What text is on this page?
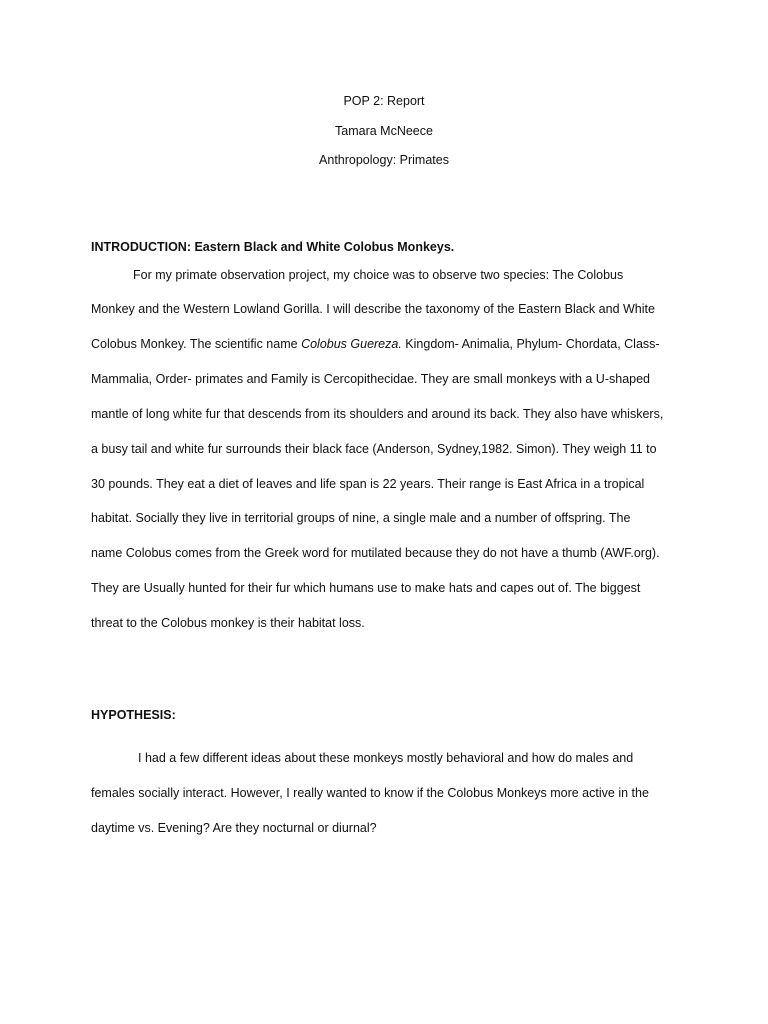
POP 2: Report
Tamara McNeece
Anthropology: Primates
INTRODUCTION: Eastern Black and White Colobus Monkeys.
For my primate observation project, my choice was to observe two species: The Colobus
Monkey and the Western Lowland Gorilla. I will describe the taxonomy of the Eastern Black and White
Colobus Monkey. The scientific name Colobus Guereza. Kingdom- Animalia, Phylum- Chordata, Class-
Mammalia, Order- primates and Family is Cercopithecidae. They are small monkeys with a U-shaped
mantle of long white fur that descends from its shoulders and around its back. They also have whiskers,
a busy tail and white fur surrounds their black face (Anderson, Sydney,1982. Simon). They weigh 11 to
30 pounds. They eat a diet of leaves and life span is 22 years. Their range is East Africa in a tropical
habitat. Socially they live in territorial groups of nine, a single male and a number of offspring. The
name Colobus comes from the Greek word for mutilated because they do not have a thumb (AWF.org).
They are Usually hunted for their fur which humans use to make hats and capes out of. The biggest
threat to the Colobus monkey is their habitat loss.
HYPOTHESIS:
I had a few different ideas about these monkeys mostly behavioral and how do males and
females socially interact. However, I really wanted to know if the Colobus Monkeys more active in the
daytime vs. Evening? Are they nocturnal or diurnal?
